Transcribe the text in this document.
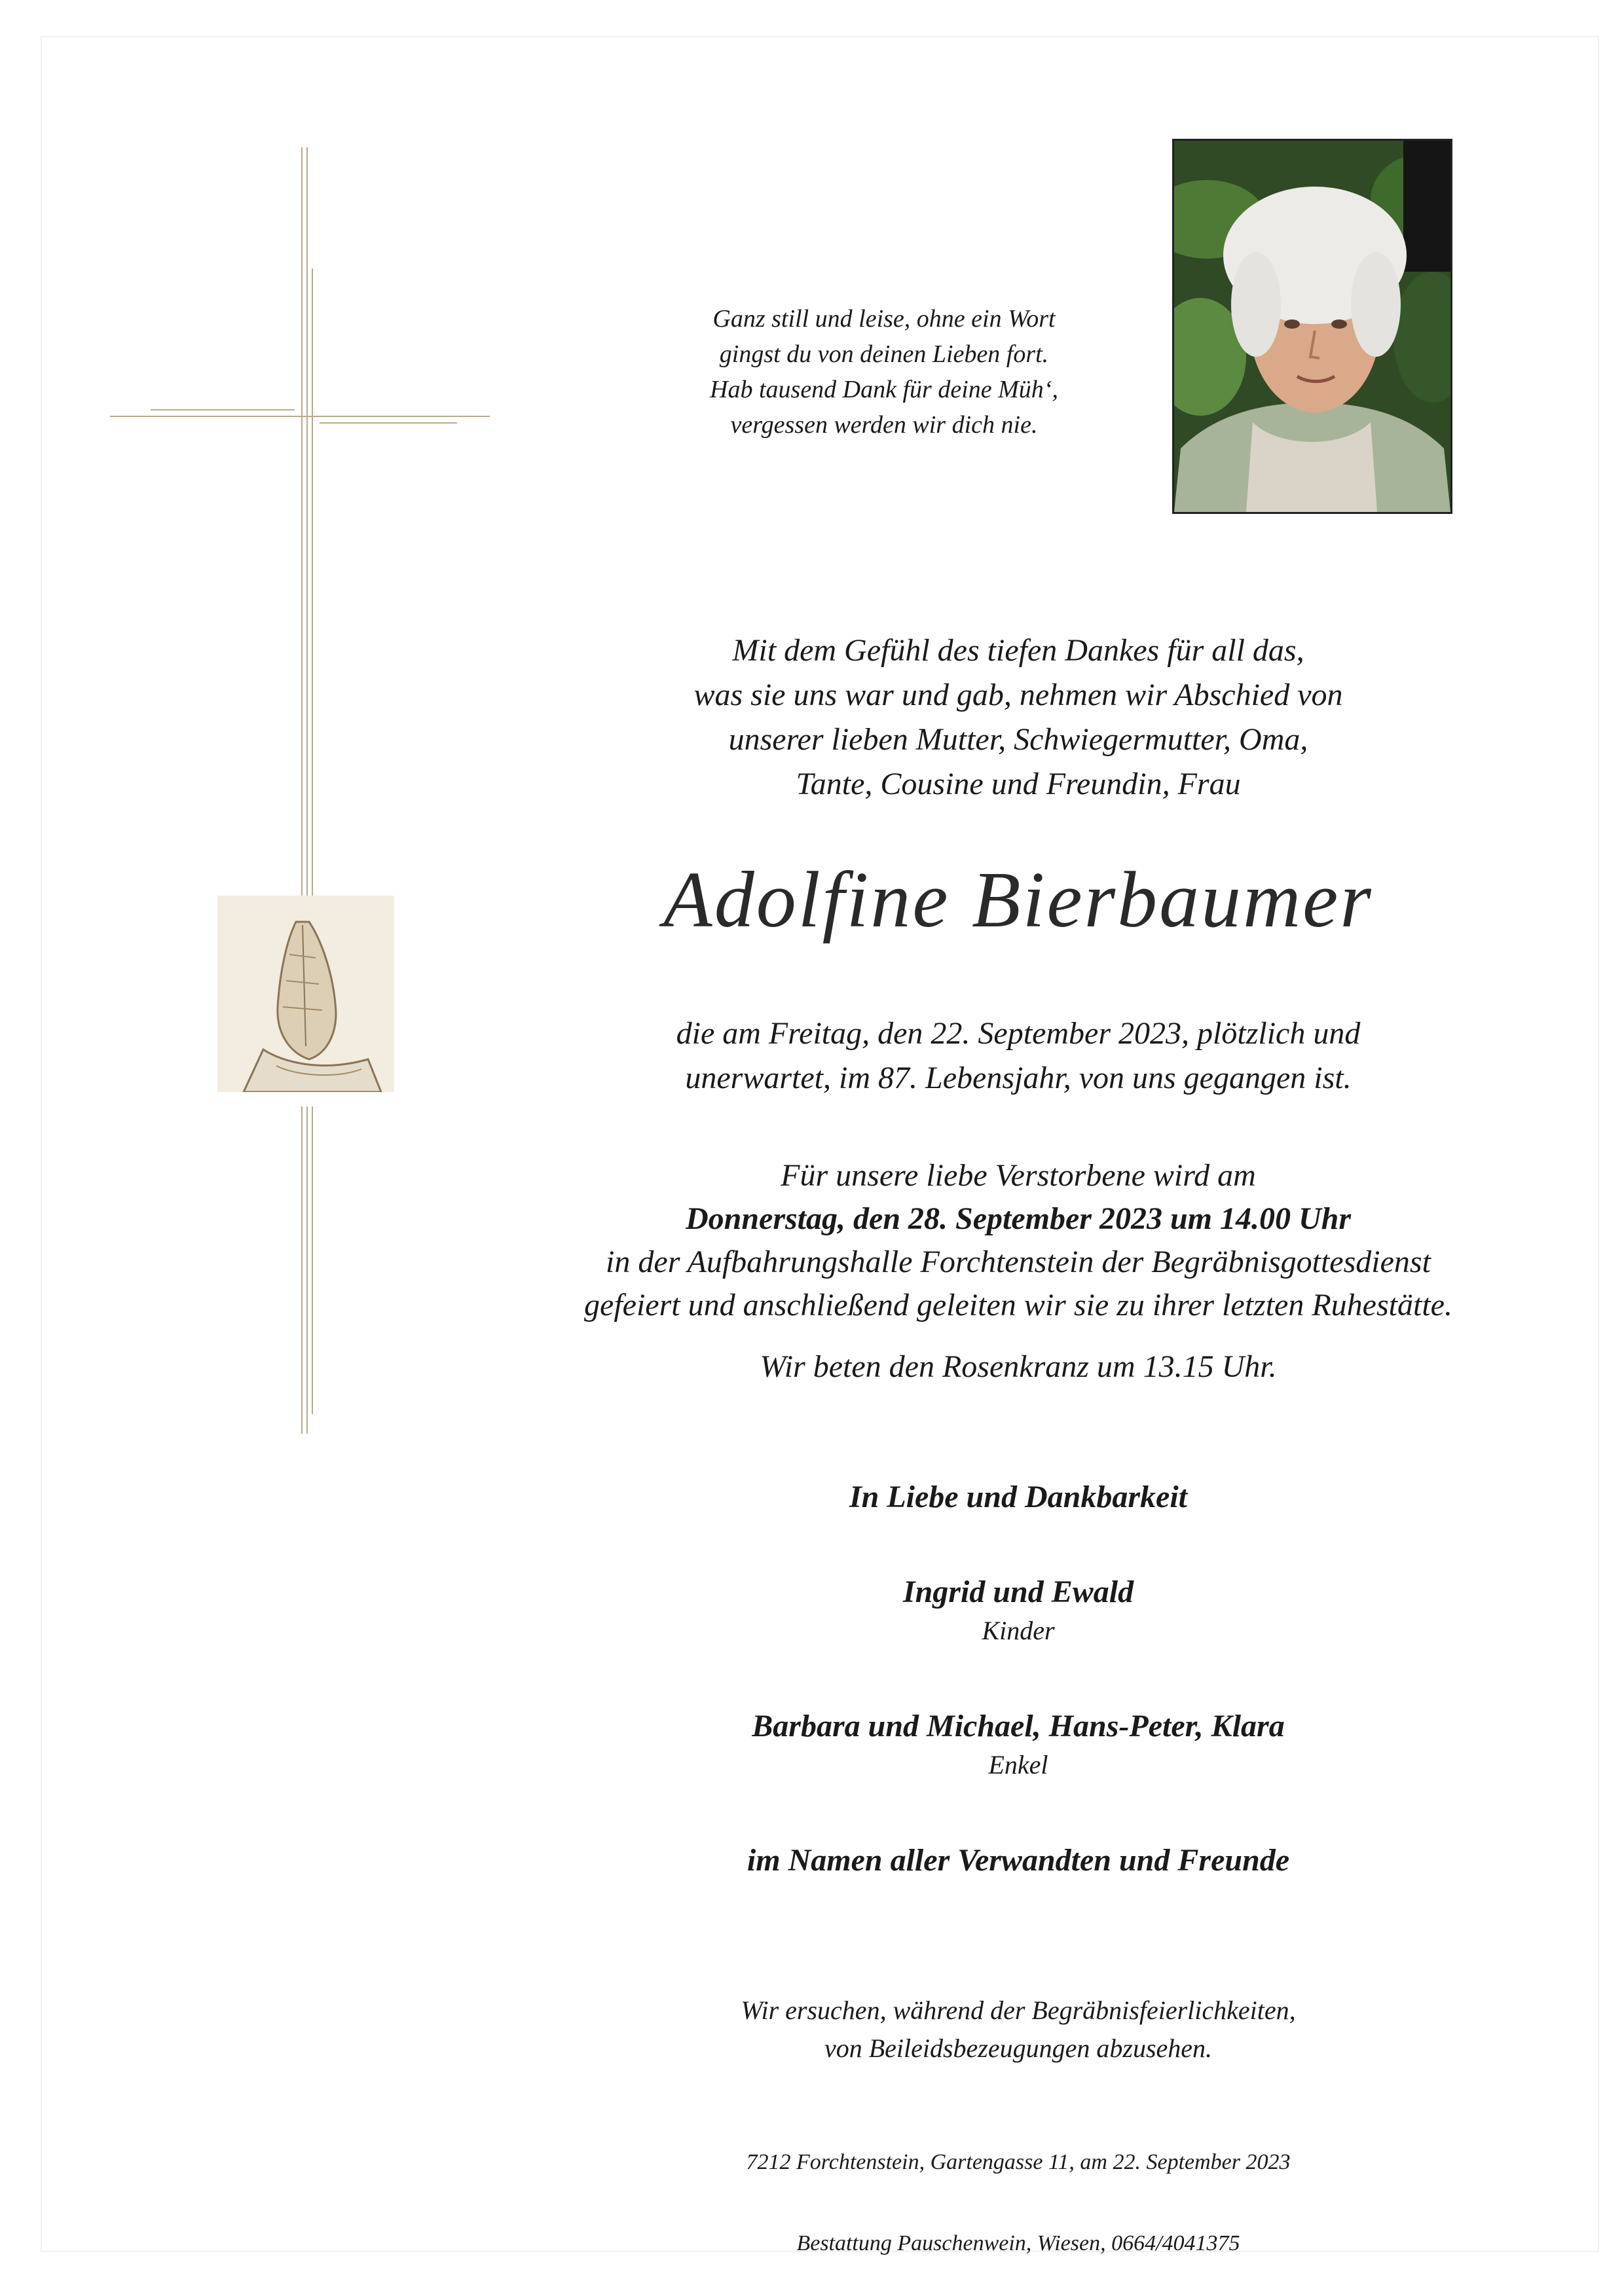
Ganz still und leise, ohne ein Wort
gingst du von deinen Lieben fort.
Hab tausend Dank für deine Müh‘,
vergessen werden wir dich nie.
Mit dem Gefühl des tiefen Dankes für all das,
was sie uns war und gab, nehmen wir Abschied von
unserer lieben Mutter, Schwiegermutter, Oma,
Tante, Cousine und Freundin, Frau
Adolfine Bierbaumer
die am Freitag, den 22. September 2023, plötzlich und
unerwartet, im 87. Lebensjahr, von uns gegangen ist.
Für unsere liebe Verstorbene wird am
Donnerstag, den 28. September 2023 um 14.00 Uhr
in der Aufbahrungshalle Forchtenstein der Begräbnisgottesdienst
gefeiert und anschließend geleiten wir sie zu ihrer letzten Ruhestätte.
Wir beten den Rosenkranz um 13.15 Uhr.
In Liebe und Dankbarkeit
Ingrid und Ewald
Kinder
Barbara und Michael, Hans-Peter, Klara
Enkel
im Namen aller Verwandten und Freunde
Wir ersuchen, während der Begräbnisfeierlichkeiten,
von Beileidsbezeugungen abzusehen.
7212 Forchtenstein, Gartengasse 11, am 22. September 2023
Bestattung Pauschenwein, Wiesen, 0664/4041375
